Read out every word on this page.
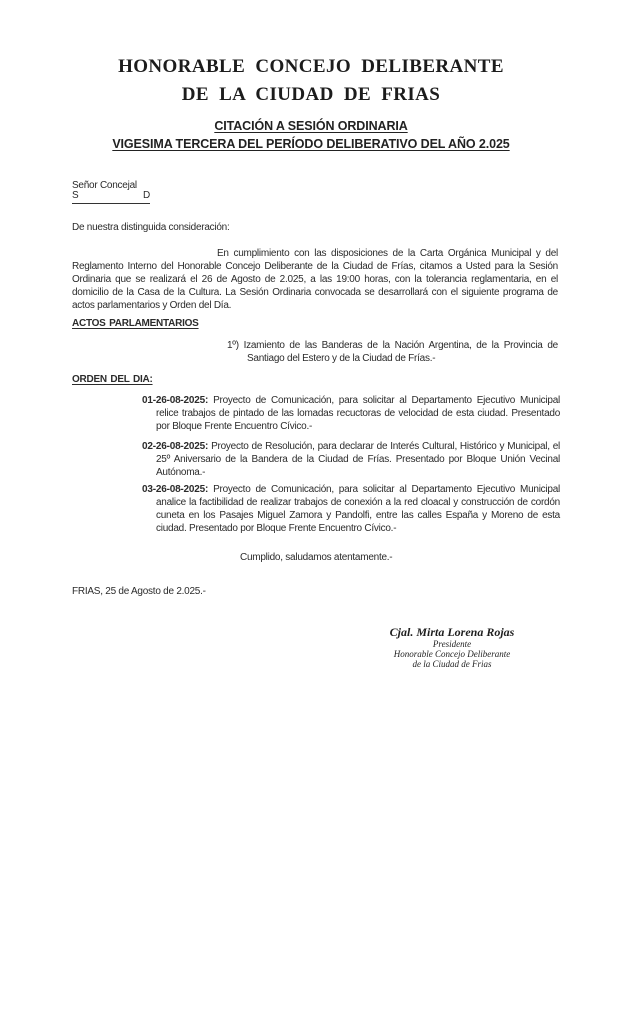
HONORABLE CONCEJO DELIBERANTE
DE LA CIUDAD DE FRIAS
CITACIÓN A SESIÓN ORDINARIA
VIGESIMA TERCERA DEL PERÍODO DELIBERATIVO DEL AÑO 2.025
Señor Concejal
S	D
De nuestra distinguida consideración:
En cumplimiento con las disposiciones de la Carta Orgánica Municipal y del Reglamento Interno del Honorable Concejo Deliberante de la Ciudad de Frías, citamos a Usted para la Sesión Ordinaria que se realizará el 26 de Agosto de 2.025, a las 19:00 horas, con la tolerancia reglamentaria, en el domicilio de la Casa de la Cultura. La Sesión Ordinaria convocada se desarrollará con el siguiente programa de actos parlamentarios y Orden del Día.
ACTOS PARLAMENTARIOS
1º) Izamiento de las Banderas de la Nación Argentina, de la Provincia de Santiago del Estero y de la Ciudad de Frías.-
ORDEN DEL DIA:
01-26-08-2025: Proyecto de Comunicación, para solicitar al Departamento Ejecutivo Municipal relice trabajos de pintado de las lomadas recuctoras de velocidad de esta ciudad. Presentado por Bloque Frente Encuentro Cívico.-
02-26-08-2025: Proyecto de Resolución, para declarar de Interés Cultural, Histórico y Municipal, el 25º Aniversario de la Bandera de la Ciudad de Frías. Presentado por Bloque Unión Vecinal Autónoma.-
03-26-08-2025: Proyecto de Comunicación, para solicitar al Departamento Ejecutivo Municipal analice la factibilidad de realizar trabajos de conexión a la red cloacal y construcción de cordón cuneta en los Pasajes Miguel Zamora y Pandolfi, entre las calles España y Moreno de esta ciudad. Presentado por Bloque Frente Encuentro Cívico.-
Cumplido, saludamos atentamente.-
FRIAS, 25 de Agosto de 2.025.-
Cjal. Mirta Lorena Rojas
Presidente
Honorable Concejo Deliberante
de la Ciudad de Frias
